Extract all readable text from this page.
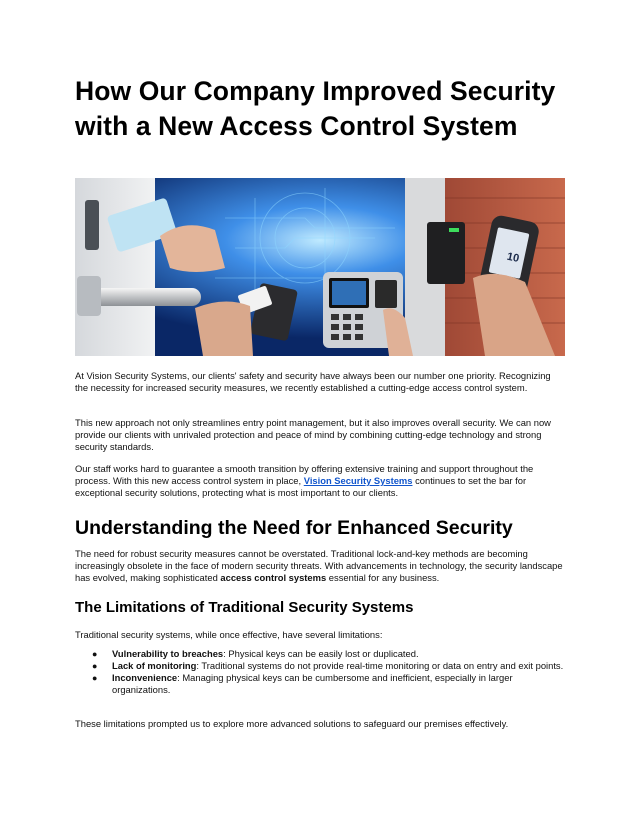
How Our Company Improved Security with a New Access Control System
10

At Vision Security Systems, our clients' safety and security have always been our number one priority. Recognizing the necessity for increased security measures, we recently established a cutting-edge access control system.

This new approach not only streamlines entry point management, but it also improves overall security. We can now provide our clients with unrivaled protection and peace of mind by combining cutting-edge technology and strong security standards.

Our staff works hard to guarantee a smooth transition by offering extensive training and support throughout the process. With this new access control system in place, Vision Security Systems continues to set the bar for exceptional security solutions, protecting what is most important to our clients.

Understanding the Need for Enhanced Security

The need for robust security measures cannot be overstated. Traditional lock-and-key methods are becoming increasingly obsolete in the face of modern security threats. With advancements in technology, the security landscape has evolved, making sophisticated access control systems essential for any business.

The Limitations of Traditional Security Systems

Traditional security systems, while once effective, have several limitations:

● Vulnerability to breaches: Physical keys can be easily lost or duplicated.
● Lack of monitoring: Traditional systems do not provide real-time monitoring or data on entry and exit points.
● Inconvenience: Managing physical keys can be cumbersome and inefficient, especially in larger organizations.

These limitations prompted us to explore more advanced solutions to safeguard our premises effectively.
